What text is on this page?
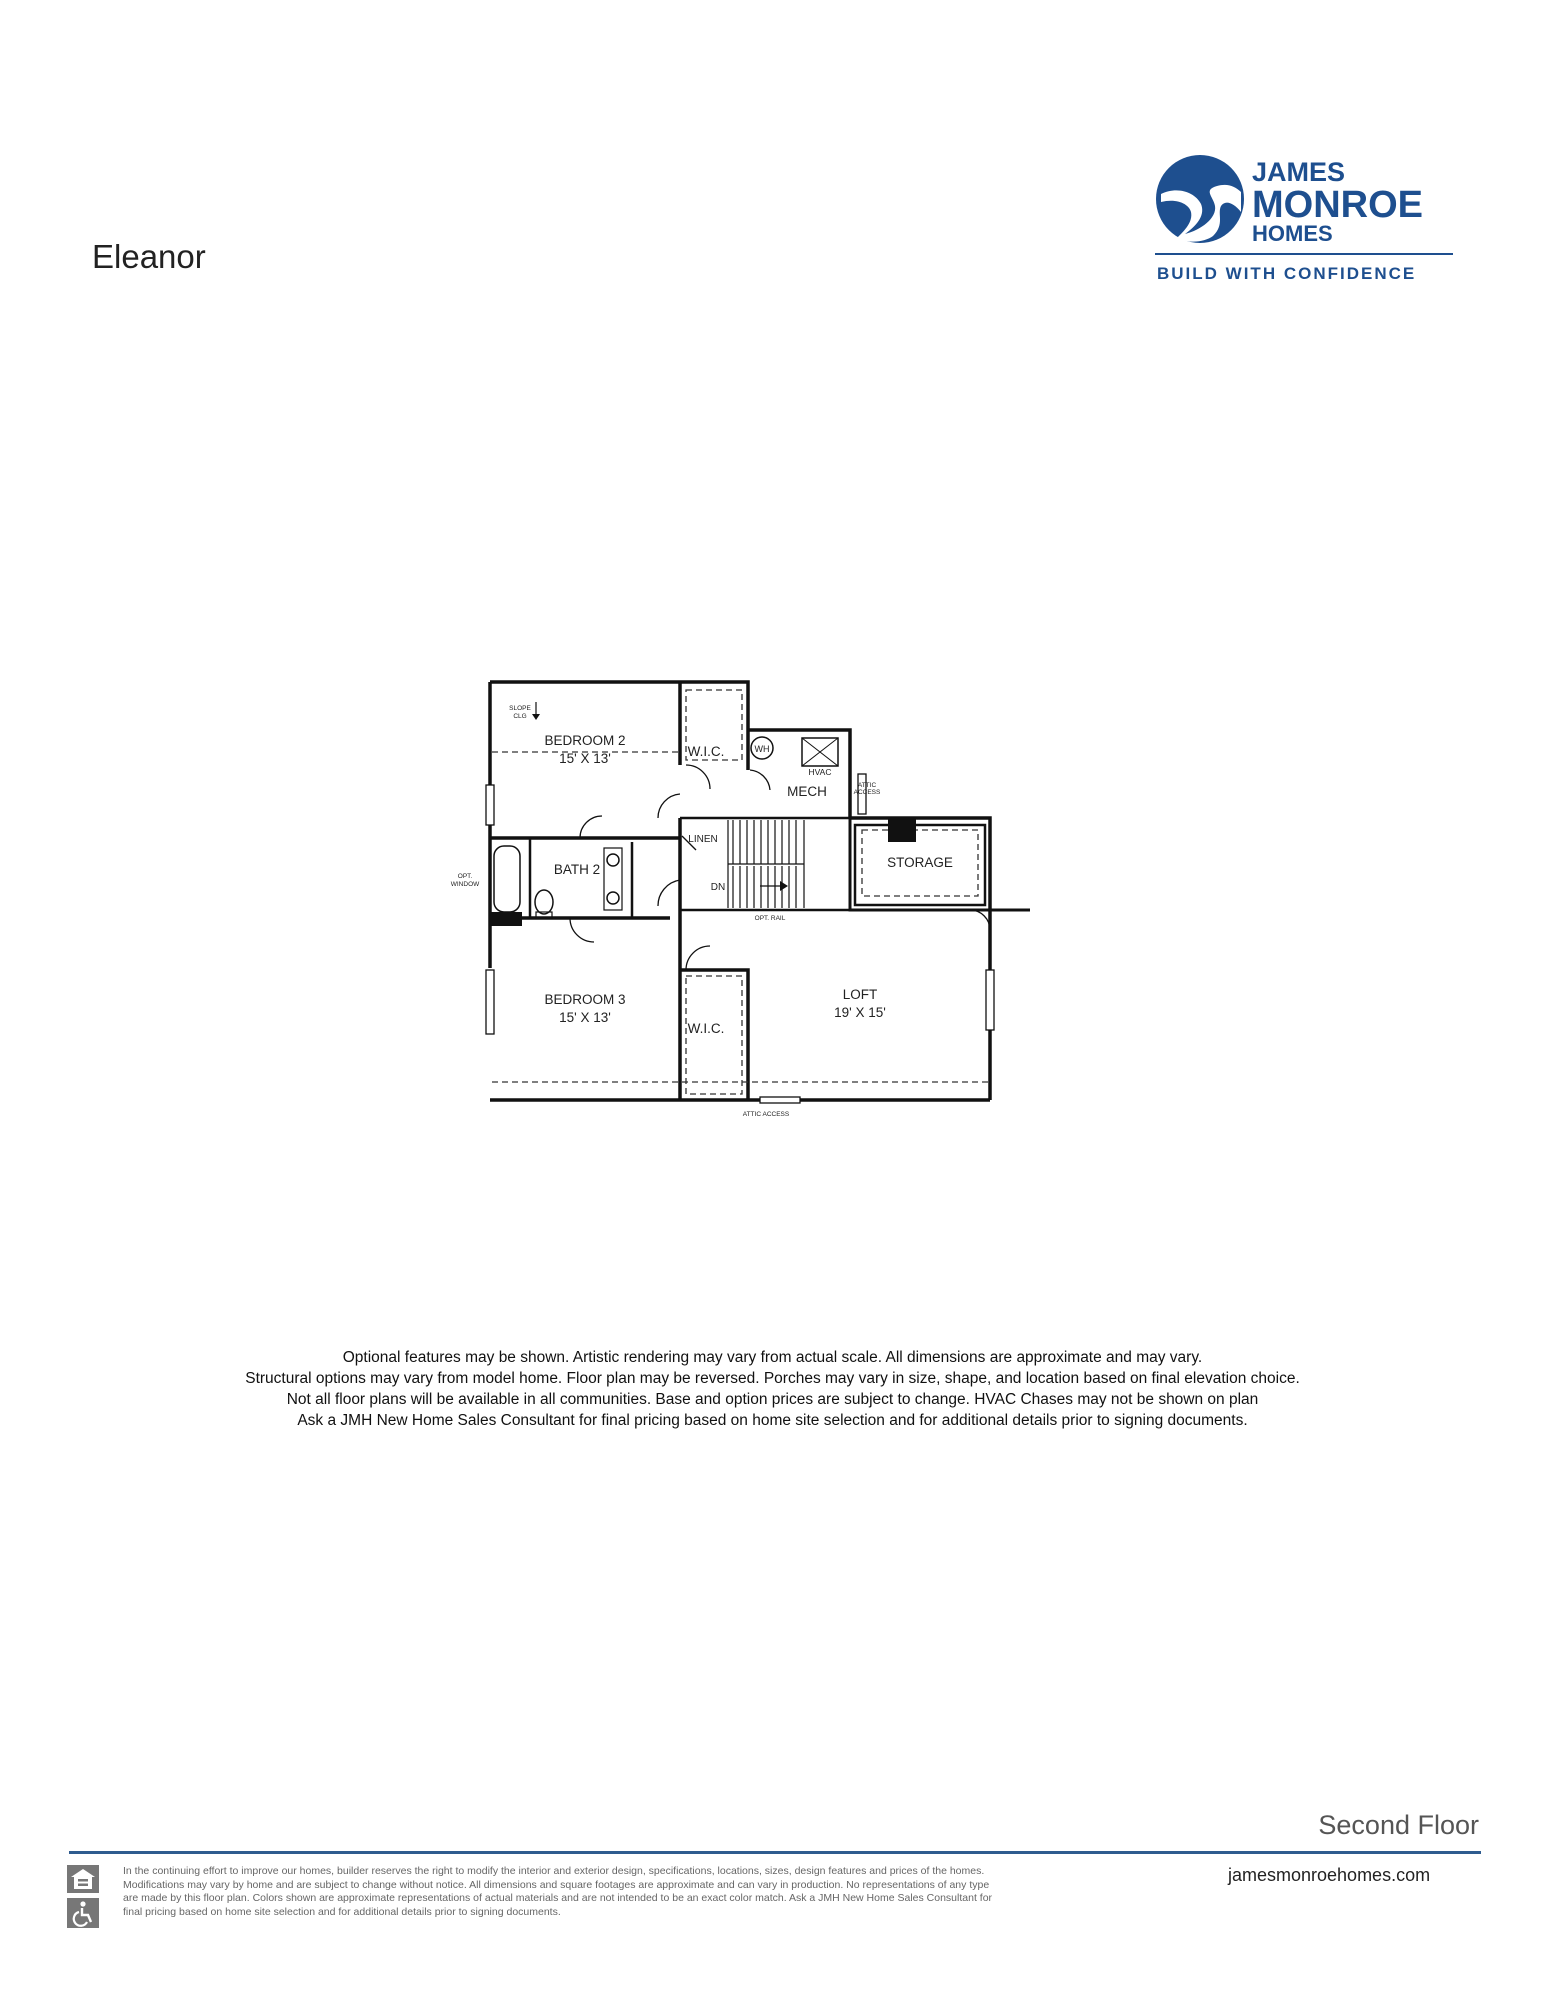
Eleanor
JAMES
MONROE
HOMES
BUILD WITH CONFIDENCE
BEDROOM 2
15' X 13'
BEDROOM 3
15' X 13'
LOFT
19' X 15'
BATH 2
W.I.C.
W.I.C.
MECH
STORAGE
LINEN
SLOPE
CLG
WH
HVAC
ATTIC
ACCESS
ATTIC ACCESS
OPT.
WINDOW
OPT. RAIL
DN
Optional features may be shown. Artistic rendering may vary from actual scale. All dimensions are approximate and may vary.
Structural options may vary from model home. Floor plan may be reversed. Porches may vary in size, shape, and location based on final elevation choice.
Not all floor plans will be available in all communities. Base and option prices are subject to change. HVAC Chases may not be shown on plan
Ask a JMH New Home Sales Consultant for final pricing based on home site selection and for additional details prior to signing documents.
Second Floor
In the continuing effort to improve our homes, builder reserves the right to modify the interior and exterior design, specifications, locations, sizes, design features and prices of the homes.
Modifications may vary by home and are subject to change without notice. All dimensions and square footages are approximate and can vary in production. No representations of any type
are made by this floor plan. Colors shown are approximate representations of actual materials and are not intended to be an exact color match. Ask a JMH New Home Sales Consultant for
final pricing based on home site selection and for additional details prior to signing documents.
jamesmonroehomes.com
